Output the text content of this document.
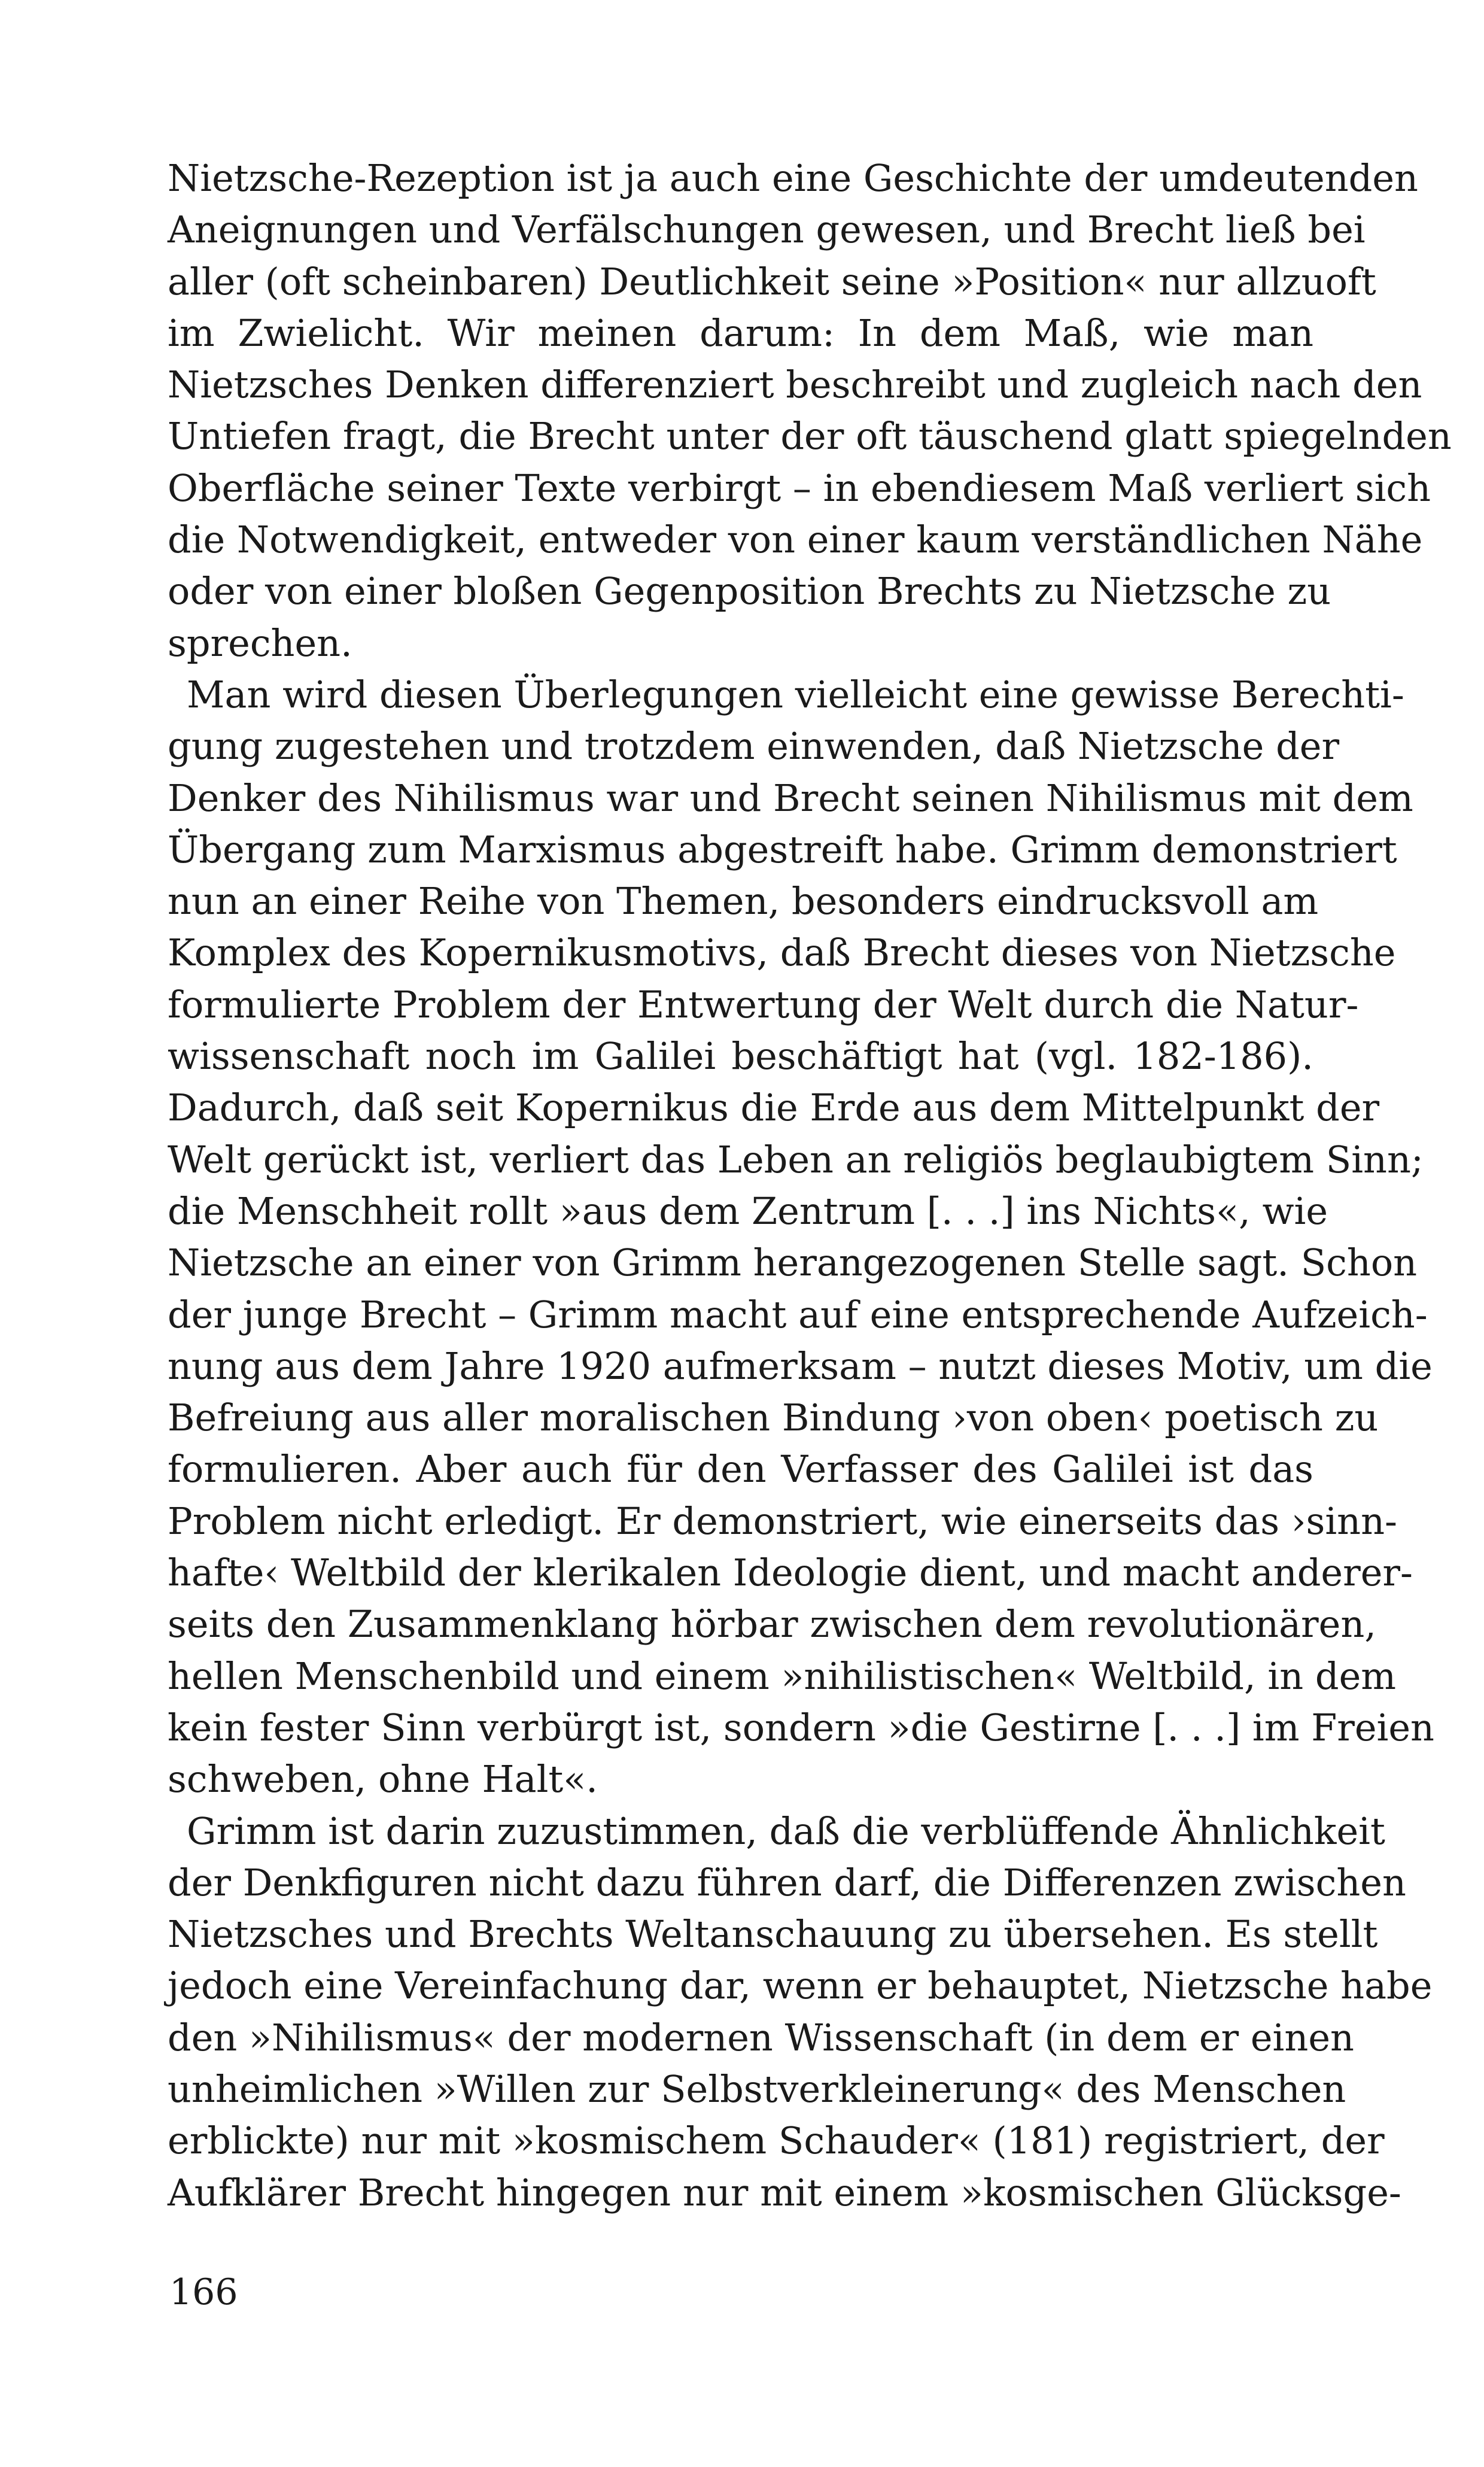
Nietzsche-Rezeption ist ja auch eine Geschichte der umdeutenden
Aneignungen und Verfälschungen gewesen, und Brecht ließ bei
aller (oft scheinbaren) Deutlichkeit seine »Position« nur allzuoft
im Zwielicht. Wir meinen darum: In dem Maß, wie man
Nietzsches Denken differenziert beschreibt und zugleich nach den
Untiefen fragt, die Brecht unter der oft täuschend glatt spiegelnden
Oberfläche seiner Texte verbirgt – in ebendiesem Maß verliert sich
die Notwendigkeit, entweder von einer kaum verständlichen Nähe
oder von einer bloßen Gegenposition Brechts zu Nietzsche zu
sprechen.
Man wird diesen Überlegungen vielleicht eine gewisse Berechti-
gung zugestehen und trotzdem einwenden, daß Nietzsche der
Denker des Nihilismus war und Brecht seinen Nihilismus mit dem
Übergang zum Marxismus abgestreift habe. Grimm demonstriert
nun an einer Reihe von Themen, besonders eindrucksvoll am
Komplex des Kopernikusmotivs, daß Brecht dieses von Nietzsche
formulierte Problem der Entwertung der Welt durch die Natur-
wissenschaft noch im Galilei beschäftigt hat (vgl. 182-186).
Dadurch, daß seit Kopernikus die Erde aus dem Mittelpunkt der
Welt gerückt ist, verliert das Leben an religiös beglaubigtem Sinn;
die Menschheit rollt »aus dem Zentrum [. . .] ins Nichts«, wie
Nietzsche an einer von Grimm herangezogenen Stelle sagt. Schon
der junge Brecht – Grimm macht auf eine entsprechende Aufzeich-
nung aus dem Jahre 1920 aufmerksam – nutzt dieses Motiv, um die
Befreiung aus aller moralischen Bindung ›von oben‹ poetisch zu
formulieren. Aber auch für den Verfasser des Galilei ist das
Problem nicht erledigt. Er demonstriert, wie einerseits das ›sinn-
hafte‹ Weltbild der klerikalen Ideologie dient, und macht anderer-
seits den Zusammenklang hörbar zwischen dem revolutionären,
hellen Menschenbild und einem »nihilistischen« Weltbild, in dem
kein fester Sinn verbürgt ist, sondern »die Gestirne [. . .] im Freien
schweben, ohne Halt«.
Grimm ist darin zuzustimmen, daß die verblüffende Ähnlichkeit
der Denkfiguren nicht dazu führen darf, die Differenzen zwischen
Nietzsches und Brechts Weltanschauung zu übersehen. Es stellt
jedoch eine Vereinfachung dar, wenn er behauptet, Nietzsche habe
den »Nihilismus« der modernen Wissenschaft (in dem er einen
unheimlichen »Willen zur Selbstverkleinerung« des Menschen
erblickte) nur mit »kosmischem Schauder« (181) registriert, der
Aufklärer Brecht hingegen nur mit einem »kosmischen Glücksge-
166
